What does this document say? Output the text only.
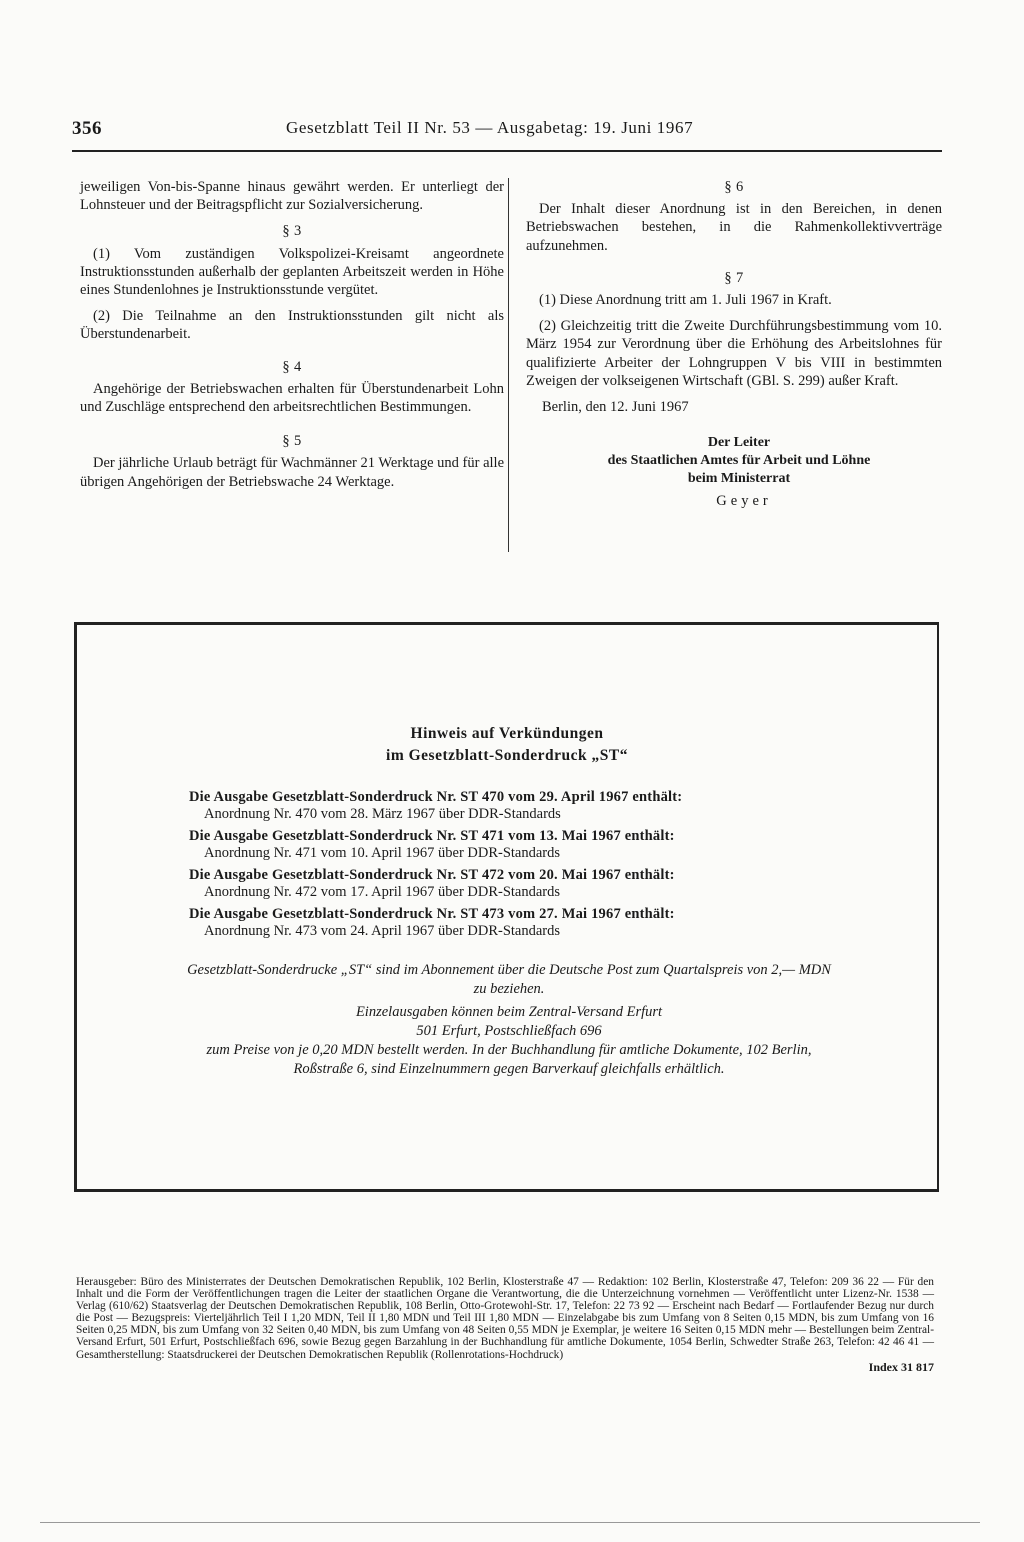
356	Gesetzblatt Teil II Nr. 53 — Ausgabetag: 19. Juni 1967

jeweiligen Von-bis-Spanne hinaus gewährt werden. Er unterliegt der Lohnsteuer und der Beitragspflicht zur Sozialversicherung.

§ 3

(1) Vom zuständigen Volkspolizei-Kreisamt angeordnete Instruktionsstunden außerhalb der geplanten Arbeitszeit werden in Höhe eines Stundenlohnes je Instruktionsstunde vergütet.

(2) Die Teilnahme an den Instruktionsstunden gilt nicht als Überstundenarbeit.

§ 4

Angehörige der Betriebswachen erhalten für Überstundenarbeit Lohn und Zuschläge entsprechend den arbeitsrechtlichen Bestimmungen.

§ 5

Der jährliche Urlaub beträgt für Wachmänner 21 Werktage und für alle übrigen Angehörigen der Betriebswache 24 Werktage.

§ 6

Der Inhalt dieser Anordnung ist in den Bereichen, in denen Betriebswachen bestehen, in die Rahmenkollektivverträge aufzunehmen.

§ 7

(1) Diese Anordnung tritt am 1. Juli 1967 in Kraft.

(2) Gleichzeitig tritt die Zweite Durchführungsbestimmung vom 10. März 1954 zur Verordnung über die Erhöhung des Arbeitslohnes für qualifizierte Arbeiter der Lohngruppen V bis VIII in bestimmten Zweigen der volkseigenen Wirtschaft (GBl. S. 299) außer Kraft.

Berlin, den 12. Juni 1967
Der Leiter
des Staatlichen Amtes für Arbeit und Löhne
beim Ministerrat
Geyer
Hinweis auf Verkündungen
im Gesetzblatt-Sonderdruck „ST“
Die Ausgabe Gesetzblatt-Sonderdruck Nr. ST 470 vom 29. April 1967 enthält:
Anordnung Nr. 470 vom 28. März 1967 über DDR-Standards
Die Ausgabe Gesetzblatt-Sonderdruck Nr. ST 471 vom 13. Mai 1967 enthält:
Anordnung Nr. 471 vom 10. April 1967 über DDR-Standards
Die Ausgabe Gesetzblatt-Sonderdruck Nr. ST 472 vom 20. Mai 1967 enthält:
Anordnung Nr. 472 vom 17. April 1967 über DDR-Standards
Die Ausgabe Gesetzblatt-Sonderdruck Nr. ST 473 vom 27. Mai 1967 enthält:
Anordnung Nr. 473 vom 24. April 1967 über DDR-Standards

Gesetzblatt-Sonderdrucke „ST“ sind im Abonnement über die Deutsche Post zum Quartalspreis von 2,— MDN zu beziehen.

Einzelausgaben können beim Zentral-Versand Erfurt
501 Erfurt, Postschließfach 696
zum Preise von je 0,20 MDN bestellt werden. In der Buchhandlung für amtliche Dokumente, 102 Berlin, Roßstraße 6, sind Einzelnummern gegen Barverkauf gleichfalls erhältlich.
Herausgeber: Büro des Ministerrates der Deutschen Demokratischen Republik, 102 Berlin, Klosterstraße 47 — Redaktion: 102 Berlin, Klosterstraße 47, Telefon: 209 36 22 — Für den Inhalt und die Form der Veröffentlichungen tragen die Leiter der staatlichen Organe die Verantwortung, die die Unterzeichnung vornehmen — Veröffentlicht unter Lizenz-Nr. 1538 — Verlag (610/62) Staatsverlag der Deutschen Demokratischen Republik, 108 Berlin, Otto-Grotewohl-Str. 17, Telefon: 22 73 92 — Erscheint nach Bedarf — Fortlaufender Bezug nur durch die Post — Bezugspreis: Vierteljährlich Teil I 1,20 MDN, Teil II 1,80 MDN und Teil III 1,80 MDN — Einzelabgabe bis zum Umfang von 8 Seiten 0,15 MDN, bis zum Umfang von 16 Seiten 0,25 MDN, bis zum Umfang von 32 Seiten 0,40 MDN, bis zum Umfang von 48 Seiten 0,55 MDN je Exemplar, je weitere 16 Seiten 0,15 MDN mehr — Bestellungen beim Zentral-Versand Erfurt, 501 Erfurt, Postschließfach 696, sowie Bezug gegen Barzahlung in der Buchhandlung für amtliche Dokumente, 1054 Berlin, Schwedter Straße 263, Telefon: 42 46 41 — Gesamtherstellung: Staatsdruckerei der Deutschen Demokratischen Republik (Rollenrotations-Hochdruck)
Index 31 817
